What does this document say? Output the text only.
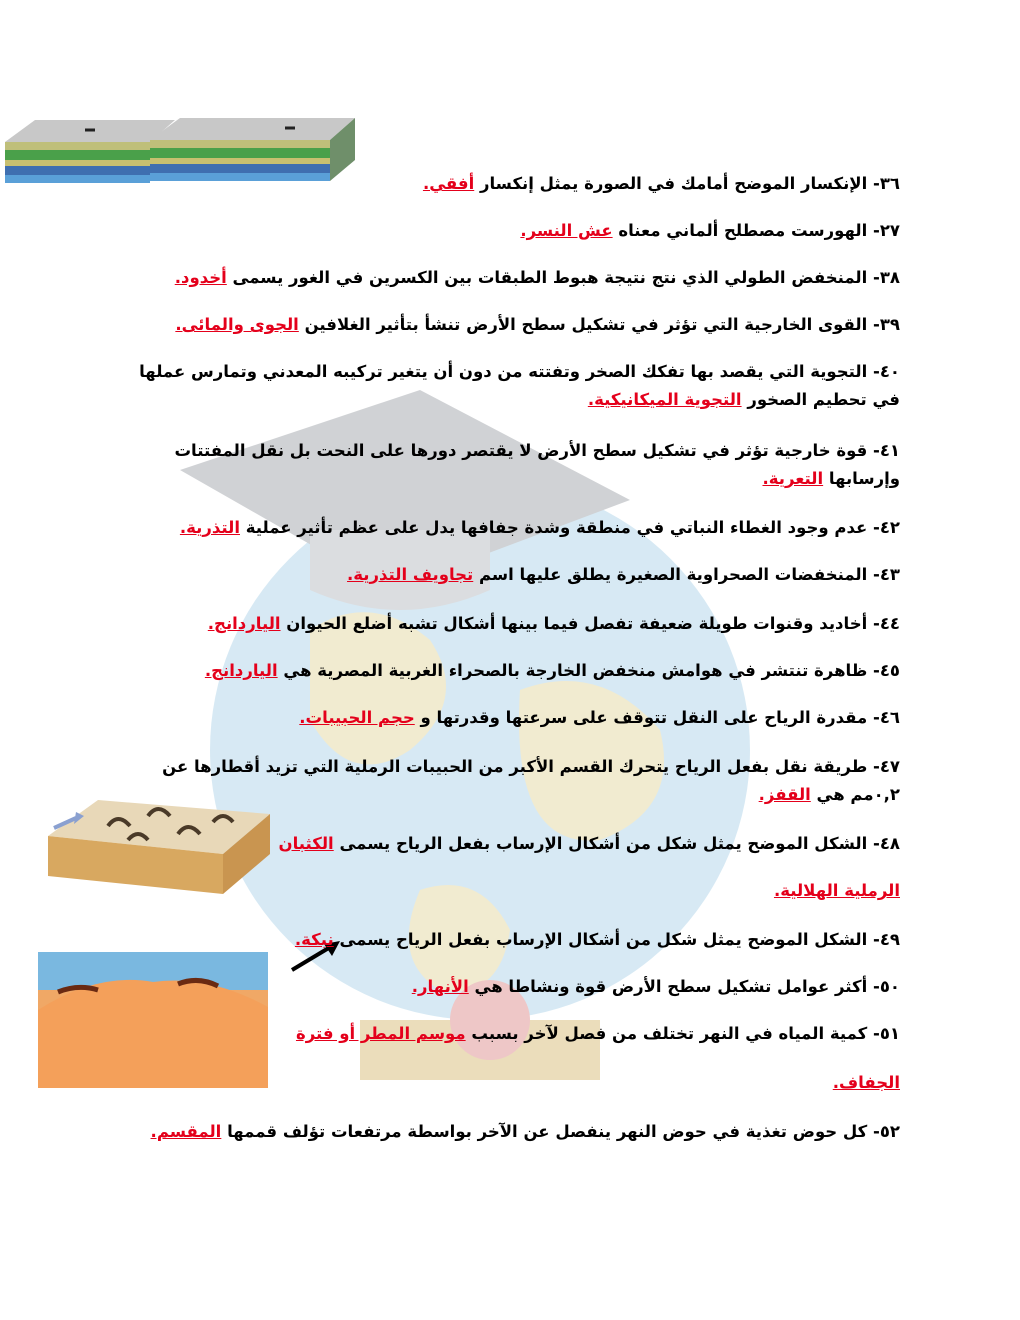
٣٦- الإنكسار الموضح أمامك في الصورة يمثل إنكسار أفقي.
٢٧- الهورست مصطلح ألماني معناه عش النسر.
٣٨- المنخفض الطولي الذي نتج نتيجة هبوط الطبقات بين الكسرين في الغور يسمى أخدود.
٣٩- القوى الخارجية التي تؤثر في تشكيل سطح الأرض تنشأ بتأثير الغلافين الجوى والمائى.
٤٠- التجوية التي يقصد بها تفكك الصخر وتفتته من دون أن يتغير تركيبه المعدني وتمارس عملها في تحطيم الصخور التجوية الميكانيكية.
٤١- قوة خارجية تؤثر في تشكيل سطح الأرض لا يقتصر دورها على النحت بل نقل المفتتات وإرسابها التعرية.
٤٢- عدم وجود الغطاء النباتي في منطقة وشدة جفافها يدل على عظم تأثير عملية التذرية.
٤٣- المنخفضات الصحراوية الصغيرة يطلق عليها اسم تجاويف التذرية.
٤٤- أخاديد وقنوات طويلة ضعيفة تفصل فيما بينها أشكال تشبه أضلع الحيوان الياردانج.
٤٥- ظاهرة تنتشر في هوامش منخفض الخارجة بالصحراء الغربية المصرية هي الياردانج.
٤٦- مقدرة الرياح على النقل تتوقف على سرعتها وقدرتها و حجم الحبيبات.
٤٧- طريقة نقل بفعل الرياح يتحرك القسم الأكبر من الحبيبات الرملية التي تزيد أقطارها عن ٠,٢مم هي القفز.
٤٨- الشكل الموضح يمثل شكل من أشكال الإرساب بفعل الرياح يسمى الكثبان
الرملية الهلالية.
٤٩- الشكل الموضح يمثل شكل من أشكال الإرساب بفعل الرياح يسمى نبكة.
٥٠- أكثر عوامل تشكيل سطح الأرض قوة ونشاطا هي الأنهار.
٥١- كمية المياه في النهر تختلف من فصل لآخر بسبب موسم المطر أو فترة
الجفاف.
٥٢- كل حوض تغذية في حوض النهر ينفصل عن الآخر بواسطة مرتفعات تؤلف قممها المقسم.
